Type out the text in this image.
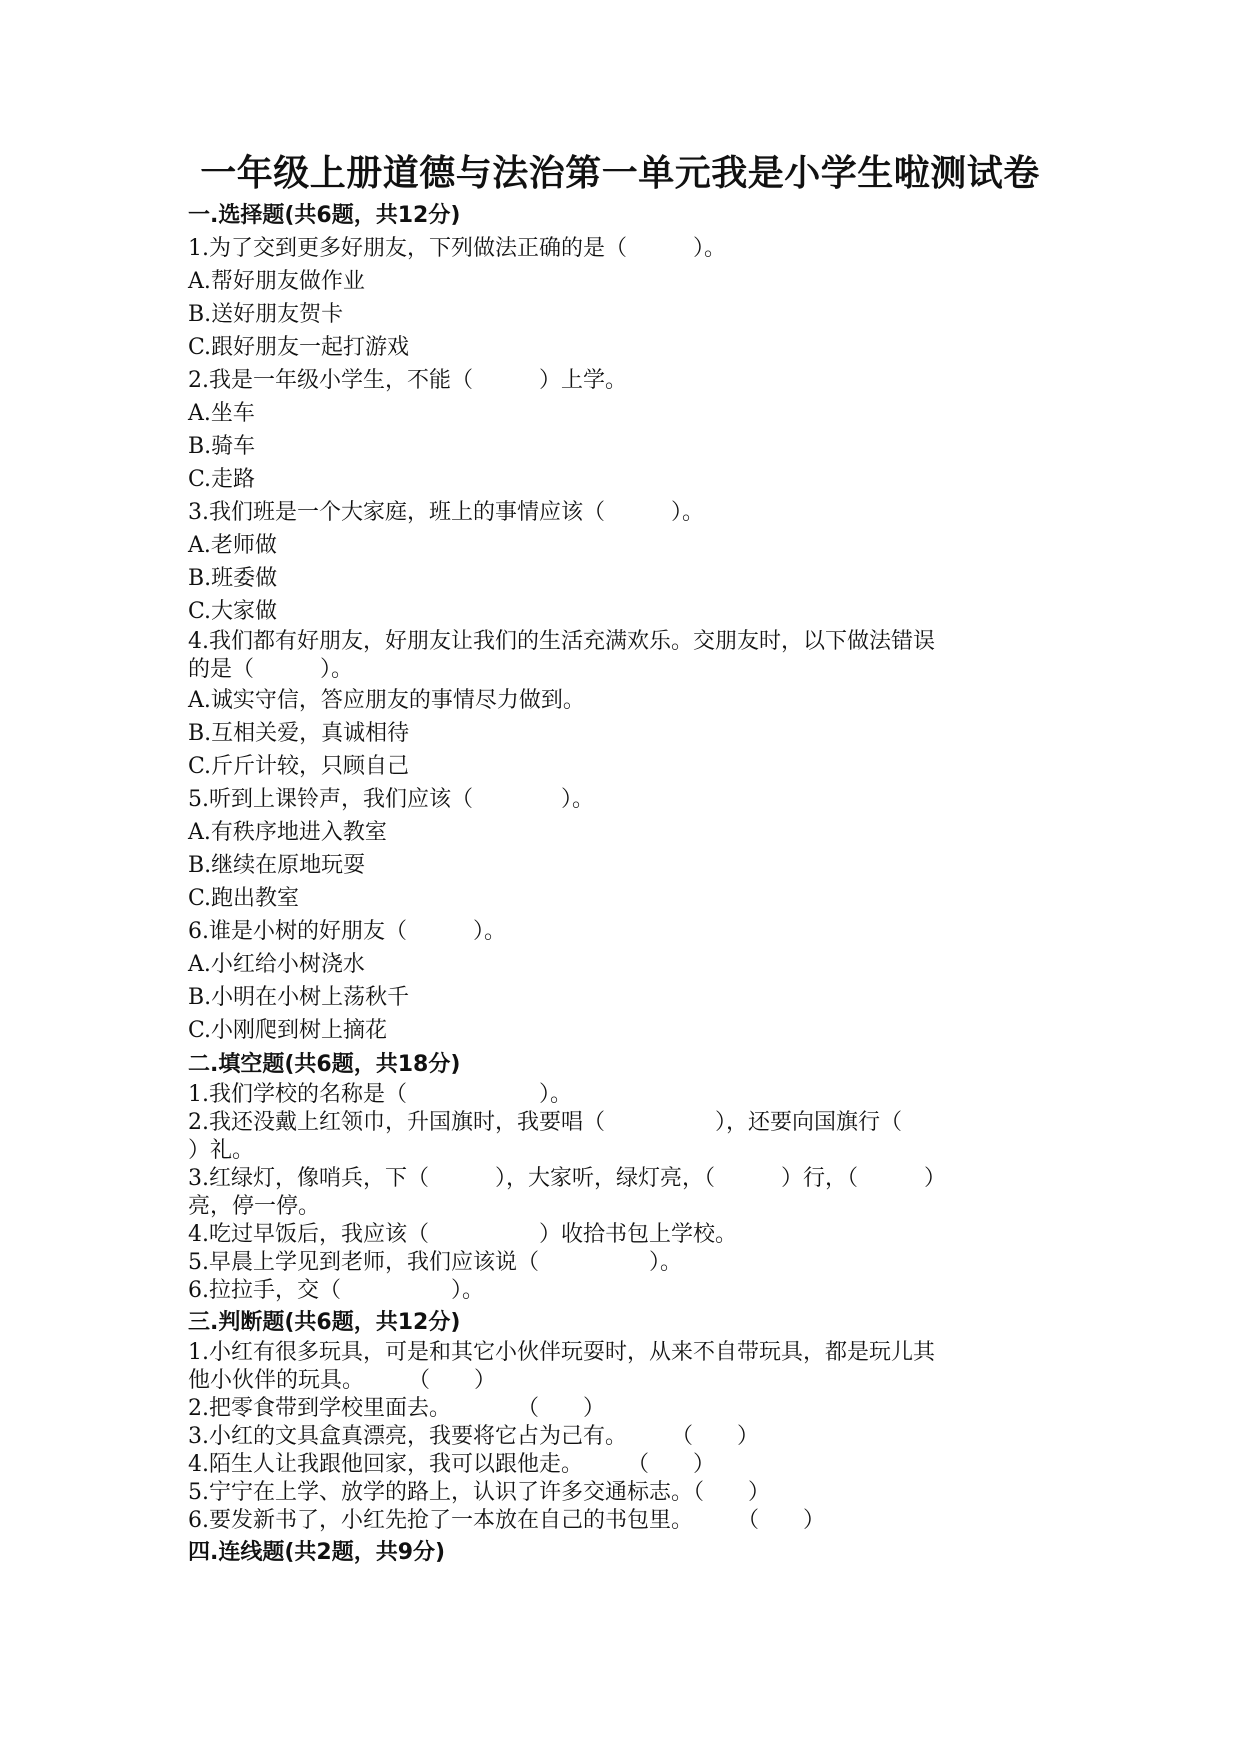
一年级上册道德与法治第一单元我是小学生啦测试卷
一.选择题(共6题，共12分)
1.为了交到更多好朋友，下列做法正确的是（　　　）。
A.帮好朋友做作业
B.送好朋友贺卡
C.跟好朋友一起打游戏
2.我是一年级小学生，不能（　　　）上学。
A.坐车
B.骑车
C.走路
3.我们班是一个大家庭，班上的事情应该（　　　）。
A.老师做
B.班委做
C.大家做
4.我们都有好朋友，好朋友让我们的生活充满欢乐。交朋友时，以下做法错误
的是（　　　）。
A.诚实守信，答应朋友的事情尽力做到。
B.互相关爱，真诚相待
C.斤斤计较，只顾自己
5.听到上课铃声，我们应该（　　　　）。
A.有秩序地进入教室
B.继续在原地玩耍
C.跑出教室
6.谁是小树的好朋友（　　　）。
A.小红给小树浇水
B.小明在小树上荡秋千
C.小刚爬到树上摘花
二.填空题(共6题，共18分)
1.我们学校的名称是（　　　　　　）。
2.我还没戴上红领巾，升国旗时，我要唱（　　　　　），还要向国旗行（
）礼。
3.红绿灯，像哨兵，下（　　　），大家听，绿灯亮，（　　　）行，（　　　）
亮，停一停。
4.吃过早饭后，我应该（　　　　　）收拾书包上学校。
5.早晨上学见到老师，我们应该说（　　　　　）。
6.拉拉手，交（　　　　　）。
三.判断题(共6题，共12分)
1.小红有很多玩具，可是和其它小伙伴玩耍时，从来不自带玩具，都是玩儿其
他小伙伴的玩具。　　　（　　）
2.把零食带到学校里面去。　　　　（　　）
3.小红的文具盒真漂亮，我要将它占为己有。　　　（　　）
4.陌生人让我跟他回家，我可以跟他走。　　　（　　）
5.宁宁在上学、放学的路上，认识了许多交通标志。（　　）
6.要发新书了，小红先抢了一本放在自己的书包里。　　　（　　）
四.连线题(共2题，共9分)
